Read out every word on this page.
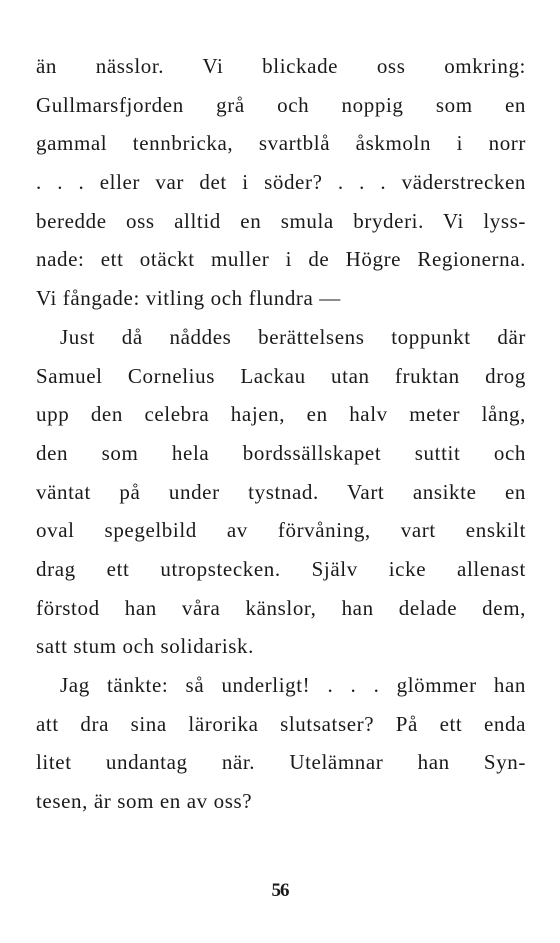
än nässlor. Vi blickade oss omkring:
Gullmarsfjorden grå och noppig som en
gammal tennbricka, svartblå åskmoln i norr
. . . eller var det i söder? . . . väderstrecken
beredde oss alltid en smula bryderi. Vi lyss-
nade: ett otäckt muller i de Högre Regionerna.
Vi fångade: vitling och flundra —
Just då nåddes berättelsens toppunkt där
Samuel Cornelius Lackau utan fruktan drog
upp den celebra hajen, en halv meter lång,
den som hela bordssällskapet suttit och
väntat på under tystnad. Vart ansikte en
oval spegelbild av förvåning, vart enskilt
drag ett utropstecken. Själv icke allenast
förstod han våra känslor, han delade dem,
satt stum och solidarisk.
Jag tänkte: så underligt! . . . glömmer han
att dra sina lärorika slutsatser? På ett enda
litet undantag när. Utelämnar han Syn-
tesen, är som en av oss?
56
